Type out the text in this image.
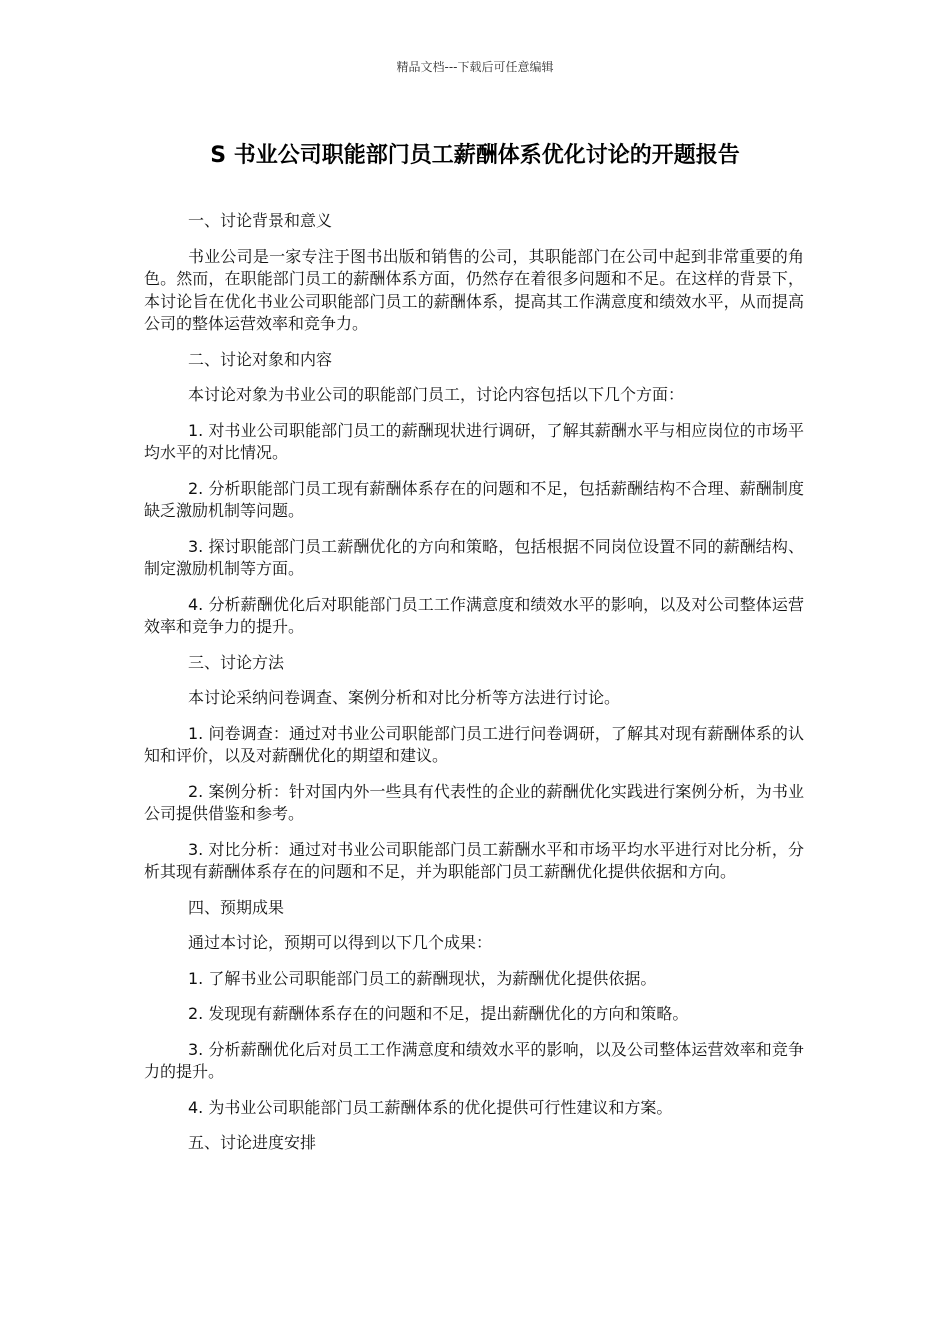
精品文档---下载后可任意编辑
S 书业公司职能部门员工薪酬体系优化讨论的开题报告

一、讨论背景和意义

书业公司是一家专注于图书出版和销售的公司，其职能部门在公司中起到非常重要的角色。然而，在职能部门员工的薪酬体系方面，仍然存在着很多问题和不足。在这样的背景下，本讨论旨在优化书业公司职能部门员工的薪酬体系，提高其工作满意度和绩效水平，从而提高公司的整体运营效率和竞争力。

二、讨论对象和内容

本讨论对象为书业公司的职能部门员工，讨论内容包括以下几个方面：

1. 对书业公司职能部门员工的薪酬现状进行调研，了解其薪酬水平与相应岗位的市场平均水平的对比情况。

2. 分析职能部门员工现有薪酬体系存在的问题和不足，包括薪酬结构不合理、薪酬制度缺乏激励机制等问题。

3. 探讨职能部门员工薪酬优化的方向和策略，包括根据不同岗位设置不同的薪酬结构、制定激励机制等方面。

4. 分析薪酬优化后对职能部门员工工作满意度和绩效水平的影响，以及对公司整体运营效率和竞争力的提升。

三、讨论方法

本讨论采纳问卷调查、案例分析和对比分析等方法进行讨论。

1. 问卷调查：通过对书业公司职能部门员工进行问卷调研，了解其对现有薪酬体系的认知和评价，以及对薪酬优化的期望和建议。

2. 案例分析：针对国内外一些具有代表性的企业的薪酬优化实践进行案例分析，为书业公司提供借鉴和参考。

3. 对比分析：通过对书业公司职能部门员工薪酬水平和市场平均水平进行对比分析，分析其现有薪酬体系存在的问题和不足，并为职能部门员工薪酬优化提供依据和方向。

四、预期成果

通过本讨论，预期可以得到以下几个成果：

1. 了解书业公司职能部门员工的薪酬现状，为薪酬优化提供依据。

2. 发现现有薪酬体系存在的问题和不足，提出薪酬优化的方向和策略。

3. 分析薪酬优化后对员工工作满意度和绩效水平的影响，以及公司整体运营效率和竞争力的提升。

4. 为书业公司职能部门员工薪酬体系的优化提供可行性建议和方案。

五、讨论进度安排
